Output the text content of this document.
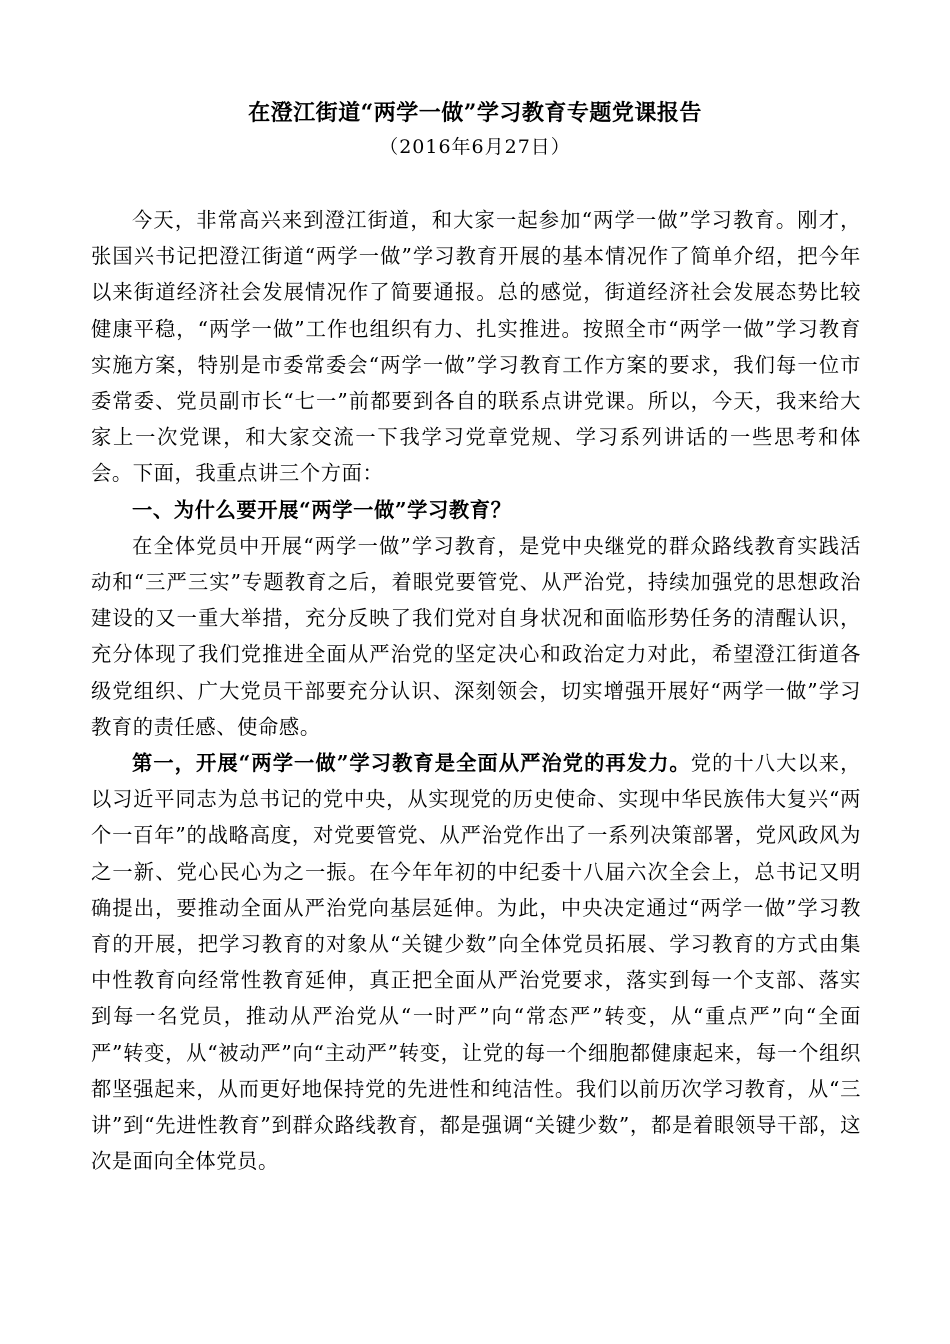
在澄江街道“两学一做”学习教育专题党课报告
（2016年6月27日）

今天，非常高兴来到澄江街道，和大家一起参加“两学一做”学习教育。刚才，张国兴书记把澄江街道“两学一做”学习教育开展的基本情况作了简单介绍，把今年以来街道经济社会发展情况作了简要通报。总的感觉，街道经济社会发展态势比较健康平稳，“两学一做”工作也组织有力、扎实推进。按照全市“两学一做”学习教育实施方案，特别是市委常委会“两学一做”学习教育工作方案的要求，我们每一位市委常委、党员副市长“七一”前都要到各自的联系点讲党课。所以，今天，我来给大家上一次党课，和大家交流一下我学习党章党规、学习系列讲话的一些思考和体会。下面，我重点讲三个方面：

一、为什么要开展“两学一做”学习教育？

在全体党员中开展“两学一做”学习教育，是党中央继党的群众路线教育实践活动和“三严三实”专题教育之后，着眼党要管党、从严治党，持续加强党的思想政治建设的又一重大举措，充分反映了我们党对自身状况和面临形势任务的清醒认识，充分体现了我们党推进全面从严治党的坚定决心和政治定力对此，希望澄江街道各级党组织、广大党员干部要充分认识、深刻领会，切实增强开展好“两学一做”学习教育的责任感、使命感。

第一，开展“两学一做”学习教育是全面从严治党的再发力。党的十八大以来，以习近平同志为总书记的党中央，从实现党的历史使命、实现中华民族伟大复兴“两个一百年”的战略高度，对党要管党、从严治党作出了一系列决策部署，党风政风为之一新、党心民心为之一振。在今年年初的中纪委十八届六次全会上，总书记又明确提出，要推动全面从严治党向基层延伸。为此，中央决定通过“两学一做”学习教育的开展，把学习教育的对象从“关键少数”向全体党员拓展、学习教育的方式由集中性教育向经常性教育延伸，真正把全面从严治党要求，落实到每一个支部、落实到每一名党员，推动从严治党从“一时严”向“常态严”转变，从“重点严”向“全面严”转变，从“被动严”向“主动严”转变，让党的每一个细胞都健康起来，每一个组织都坚强起来，从而更好地保持党的先进性和纯洁性。我们以前历次学习教育，从“三讲”到“先进性教育”到群众路线教育，都是强调“关键少数”，都是着眼领导干部，这次是面向全体党员。
